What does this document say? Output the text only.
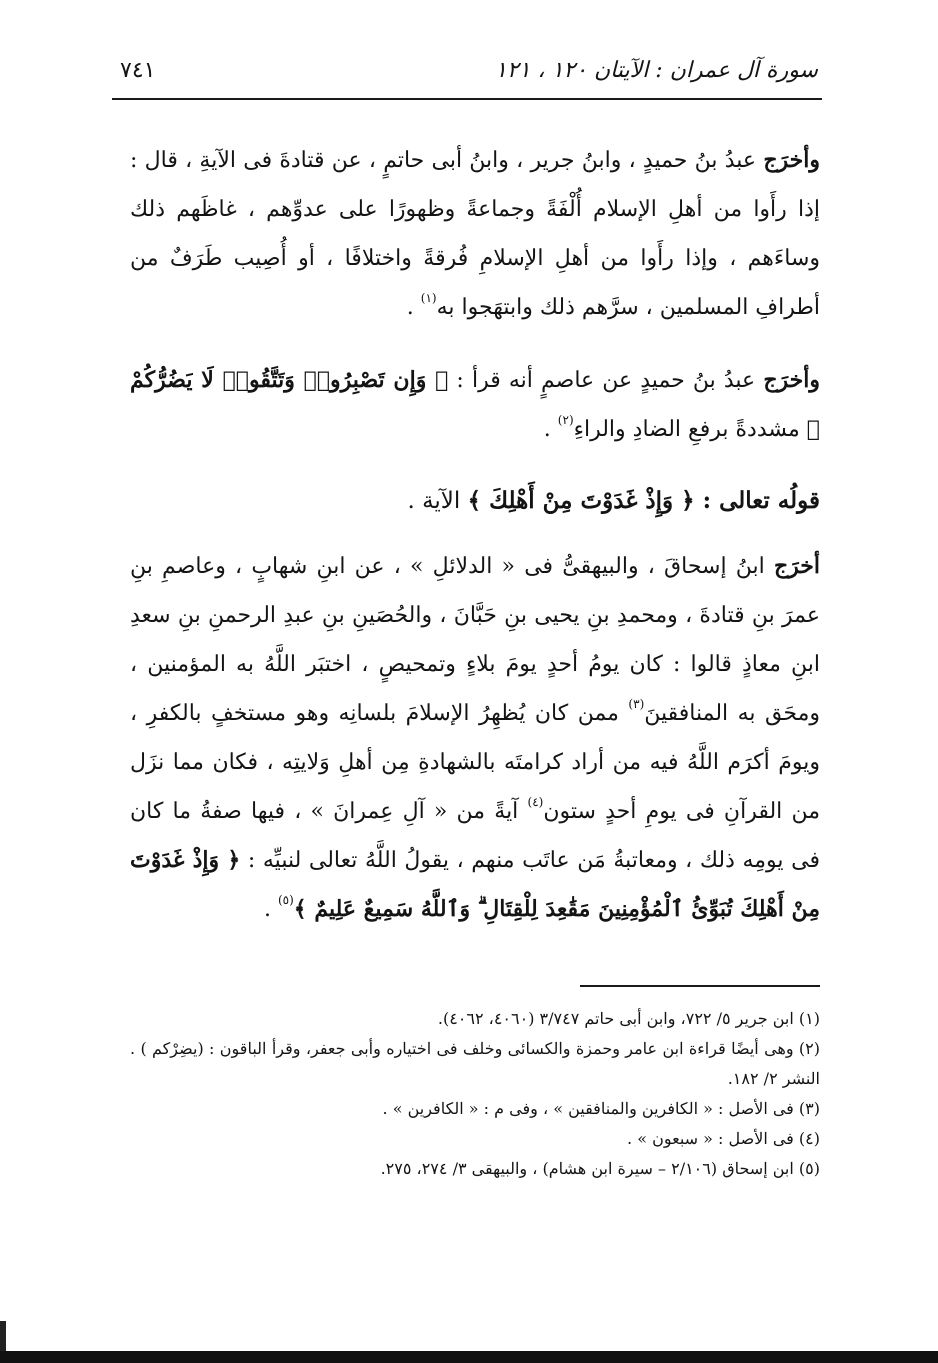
سورة آل عمران : الآيتان ١٢٠ ، ١٢١
٧٤١

وأخرَج عبدُ بنُ حميدٍ ، وابنُ جرير ، وابنُ أبى حاتمٍ ، عن قتادةَ فى الآيةِ ، قال : إذا رأَوا من أهلِ الإسلام أُلْفَةً وجماعةً وظهورًا على عدوِّهم ، غاظَهم ذلك وساءَهم ، وإذا رأَوا من أهلِ الإسلامِ فُرقةً واختلافًا ، أو أُصِيب طَرَفٌ من أطرافِ المسلمين ، سرَّهم ذلك وابتهَجوا به$^{(١)}$ .

وأخرَج عبدُ بنُ حميدٍ عن عاصمٍ أنه قرأ : ﴿ وَإِن تَصْبِرُوا۟ وَتَتَّقُوا۟ لَا يَضُرُّكُمْ ﴾ مشددةً برفعِ الضادِ والراءِ$^{(٢)}$ .

قولُه تعالى : ﴿ وَإِذْ غَدَوْتَ مِنْ أَهْلِكَ ﴾ الآية .

أخرَج ابنُ إسحاقَ ، والبيهقىُّ فى « الدلائلِ » ، عن ابنِ شهابٍ ، وعاصمِ بنِ عمرَ بنِ قتادةَ ، ومحمدِ بنِ يحيى بنِ حَبَّانَ ، والحُصَينِ بنِ عبدِ الرحمنِ بنِ سعدِ ابنِ معاذٍ قالوا : كان يومُ أحدٍ يومَ بلاءٍ وتمحيصٍ ، اختبَر اللَّهُ به المؤمنين ، ومحَق به المنافقينَ$^{(٣)}$ ممن كان يُظهِرُ الإسلامَ بلسانِه وهو مستخفٍ بالكفرِ ، ويومَ أكرَم اللَّهُ فيه من أراد كرامتَه بالشهادةِ مِن أهلِ وَلايتِه ، فكان مما نزَل من القرآنِ فى يومِ أحدٍ ستون$^{(٤)}$ آيةً من « آلِ عِمرانَ » ، فيها صفةُ ما كان فى يومِه ذلك ، ومعاتبةُ مَن عاتَب منهم ، يقولُ اللَّهُ تعالى لنبيِّه : ﴿ وَإِذْ غَدَوْتَ مِنْ أَهْلِكَ تُبَوِّئُ ٱلْمُؤْمِنِينَ مَقَٰعِدَ لِلْقِتَالِ ۗ وَٱللَّهُ سَمِيعٌ عَلِيمٌ ﴾$^{(٥)}$ .

(١) ابن جرير ٥/ ٧٢٢، وابن أبى حاتم ٣/٧٤٧ (٤٠٦٠، ٤٠٦٢).

(٢) وهى أيضًا قراءة ابن عامر وحمزة والكسائى وخلف فى اختياره وأبى جعفر، وقرأ الباقون : (يضِرْكم ) . النشر ٢/ ١٨٢.

(٣) فى الأصل : « الكافرين والمنافقين » ، وفى م : « الكافرين » .

(٤) فى الأصل : « سبعون » .

(٥) ابن إسحاق (٢/١٠٦ – سيرة ابن هشام) ، والبيهقى ٣/ ٢٧٤، ٢٧٥.
